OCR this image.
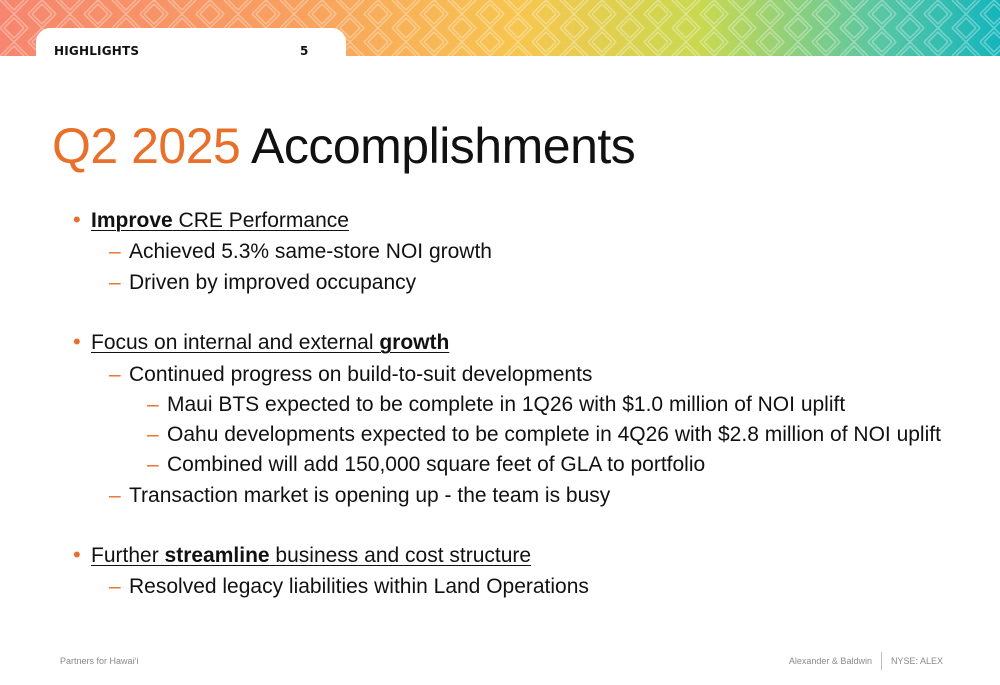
HIGHLIGHTS	5
Q2 2025 Accomplishments
• Improve CRE Performance
– Achieved 5.3% same-store NOI growth
– Driven by improved occupancy
• Focus on internal and external growth
– Continued progress on build-to-suit developments
– Maui BTS expected to be complete in 1Q26 with $1.0 million of NOI uplift
– Oahu developments expected to be complete in 4Q26 with $2.8 million of NOI uplift
– Combined will add 150,000 square feet of GLA to portfolio
– Transaction market is opening up - the team is busy
• Further streamline business and cost structure
– Resolved legacy liabilities within Land Operations
Partners for Hawai‘i	Alexander & Baldwin NYSE: ALEX
